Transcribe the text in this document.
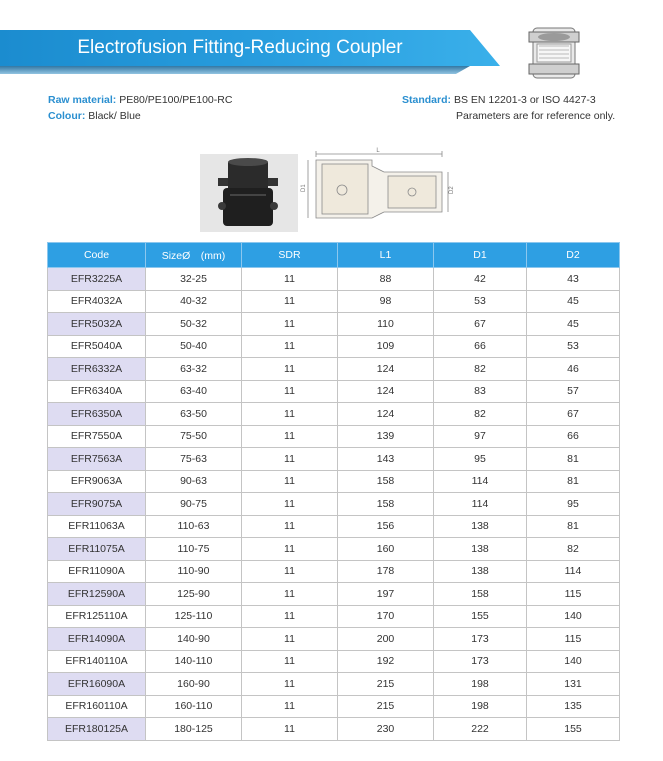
Electrofusion Fitting-Reducing Coupler
Raw material: PE80/PE100/PE100-RC
Colour: Black/ Blue
Standard: BS EN 12201-3 or ISO 4427-3
Parameters are for reference only.
L
D1	D2
Code	SizeØ　(mm)	SDR	L1	D1	D2
EFR3225A	32-25	11	88	42	43
EFR4032A	40-32	11	98	53	45
EFR5032A	50-32	11	110	67	45
EFR5040A	50-40	11	109	66	53
EFR6332A	63-32	11	124	82	46
EFR6340A	63-40	11	124	83	57
EFR6350A	63-50	11	124	82	67
EFR7550A	75-50	11	139	97	66
EFR7563A	75-63	11	143	95	81
EFR9063A	90-63	11	158	114	81
EFR9075A	90-75	11	158	114	95
EFR11063A	110-63	11	156	138	81
EFR11075A	110-75	11	160	138	82
EFR11090A	110-90	11	178	138	114
EFR12590A	125-90	11	197	158	115
EFR125110A	125-110	11	170	155	140
EFR14090A	140-90	11	200	173	115
EFR140110A	140-110	11	192	173	140
EFR16090A	160-90	11	215	198	131
EFR160110A	160-110	11	215	198	135
EFR180125A	180-125	11	230	222	155
